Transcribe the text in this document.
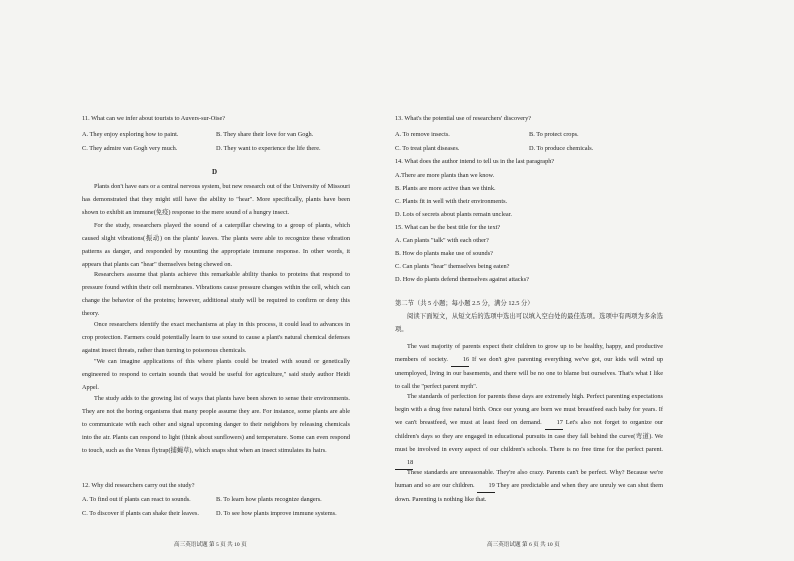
11. What can we infer about tourists to Auvers-sur-Oise?
A. They enjoy exploring how to paint.	B. They share their love for van Gogh.
C. They admire van Gogh very much.	D. They want to experience the life there.
D
Plants don't have ears or a central nervous system, but new research out of the University of Missouri has demonstrated that they might still have the ability to "hear". More specifically, plants have been shown to exhibit an immune(免疫) response to the mere sound of a hungry insect.
For the study, researchers played the sound of a caterpillar chewing to a group of plants, which caused slight vibrations(振动) on the plants' leaves. The plants were able to recognize these vibration patterns as danger, and responded by mounting the appropriate immune response. In other words, it appears that plants can "hear" themselves being chewed on.
Researchers assume that plants achieve this remarkable ability thanks to proteins that respond to pressure found within their cell membranes. Vibrations cause pressure changes within the cell, which can change the behavior of the proteins; however, additional study will be required to confirm or deny this theory.
Once researchers identify the exact mechanisms at play in this process, it could lead to advances in crop protection. Farmers could potentially learn to use sound to cause a plant's natural chemical defenses against insect threats, rather than turning to poisonous chemicals.
"We can imagine applications of this where plants could be treated with sound or genetically engineered to respond to certain sounds that would be useful for agriculture," said study author Heidi Appel.
The study adds to the growing list of ways that plants have been shown to sense their environments. They are not the boring organisms that many people assume they are. For instance, some plants are able to communicate with each other and signal upcoming danger to their neighbors by releasing chemicals into the air. Plants can respond to light (think about sunflowers) and temperature. Some can even respond to touch, such as the Venus flytrap(捕蝇草), which snaps shut when an insect stimulates its hairs.
12. Why did researchers carry out the study?
A. To find out if plants can react to sounds.	B. To learn how plants recognize dangers.
C. To discover if plants can shake their leaves.	D. To see how plants improve immune systems.
高三英语试题 第 5 页 共 10 页
13. What's the potential use of researchers' discovery?
A. To remove insects.	B. To protect crops.
C. To treat plant diseases.	D. To produce chemicals.
14. What does the author intend to tell us in the last paragraph?
A.There are more plants than we know.
B. Plants are more active than we think.
C. Plants fit in well with their environments.
D. Lots of secrets about plants remain unclear.
15. What can be the best title for the text?
A. Can plants "talk" with each other?
B. How do plants make use of sounds?
C. Can plants "hear" themselves being eaten?
D. How do plants defend themselves against attacks?
第二节（共 5 小题；每小题 2.5 分，满分 12.5 分）
阅读下面短文，从短文后的选项中选出可以填入空白处的最佳选项。选项中有两项为多余选项。
The vast majority of parents expect their children to grow up to be healthy, happy, and productive members of society. 16 If we don't give parenting everything we've got, our kids will wind up unemployed, living in our basements, and there will be no one to blame but ourselves. That's what I like to call the "perfect parent myth".
The standards of perfection for parents these days are extremely high. Perfect parenting expectations begin with a drug free natural birth. Once our young are born we must breastfeed each baby for years. If we can't breastfeed, we must at least feed on demand. 17 Let's also not forget to organize our children's days so they are engaged in educational pursuits in case they fall behind the curve(弯道). We must be involved in every aspect of our children's schools. There is no free time for the perfect parent. 18
These standards are unreasonable. They're also crazy. Parents can't be perfect. Why? Because we're human and so are our children. 19 They are predictable and when they are unruly we can shut them down. Parenting is nothing like that.
高三英语试题 第 6 页 共 10 页
